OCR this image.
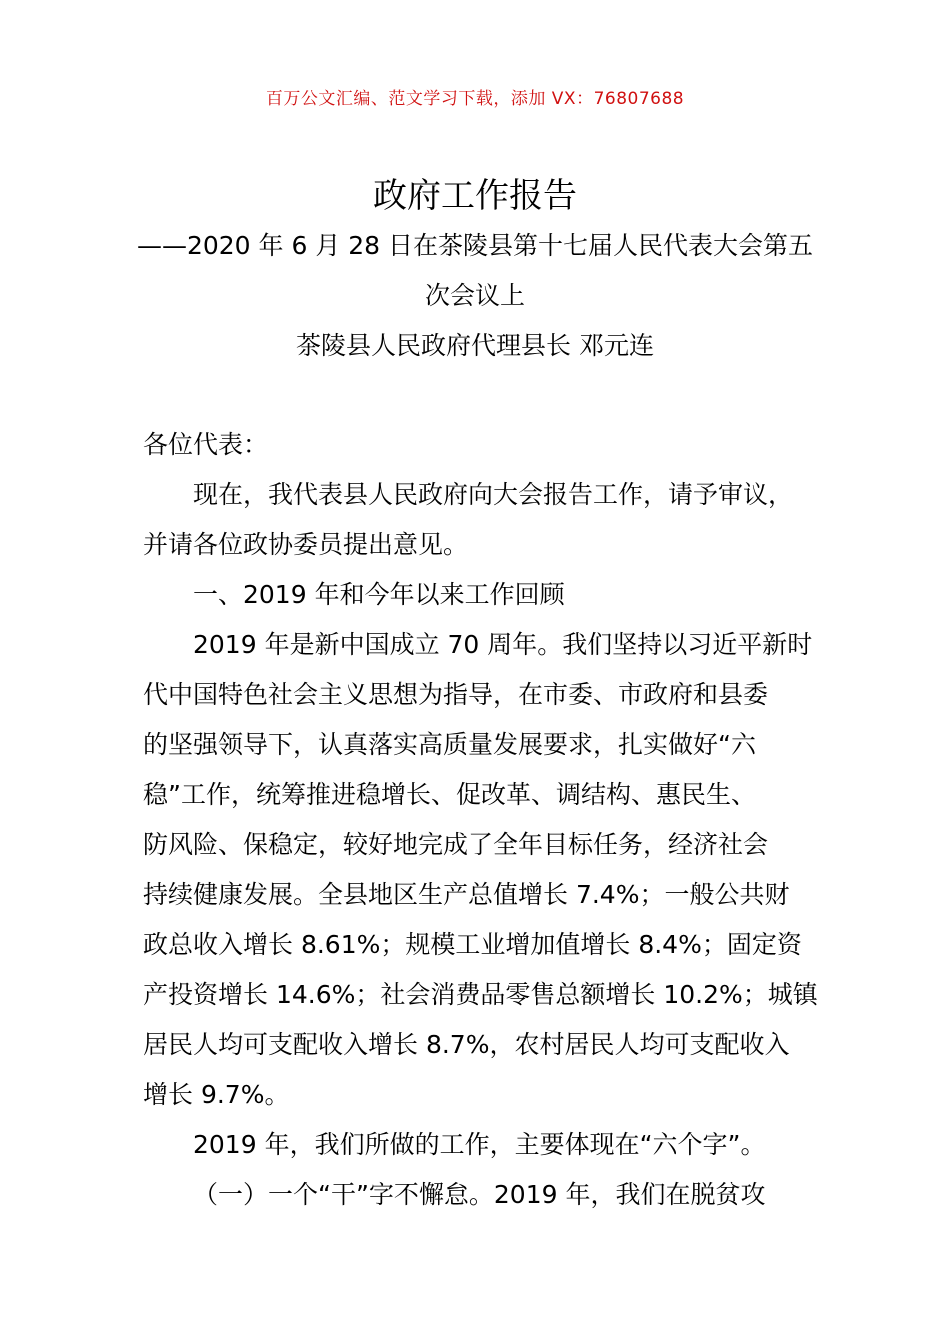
百万公文汇编、范文学习下载，添加 VX：76807688
政府工作报告
——2020 年 6 月 28 日在茶陵县第十七届人民代表大会第五
次会议上
茶陵县人民政府代理县长 邓元连

各位代表：

现在，我代表县人民政府向大会报告工作，请予审议，

并请各位政协委员提出意见。

一、2019 年和今年以来工作回顾

2019 年是新中国成立 70 周年。我们坚持以习近平新时
代中国特色社会主义思想为指导，在市委、市政府和县委
的坚强领导下，认真落实高质量发展要求，扎实做好“六
稳”工作，统筹推进稳增长、促改革、调结构、惠民生、
防风险、保稳定，较好地完成了全年目标任务，经济社会
持续健康发展。全县地区生产总值增长 7.4%；一般公共财
政总收入增长 8.61%；规模工业增加值增长 8.4%；固定资
产投资增长 14.6%；社会消费品零售总额增长 10.2%；城镇
居民人均可支配收入增长 8.7%，农村居民人均可支配收入
增长 9.7%。

2019 年，我们所做的工作，主要体现在“六个字”。

（一）一个“干”字不懈怠。2019 年，我们在脱贫攻
